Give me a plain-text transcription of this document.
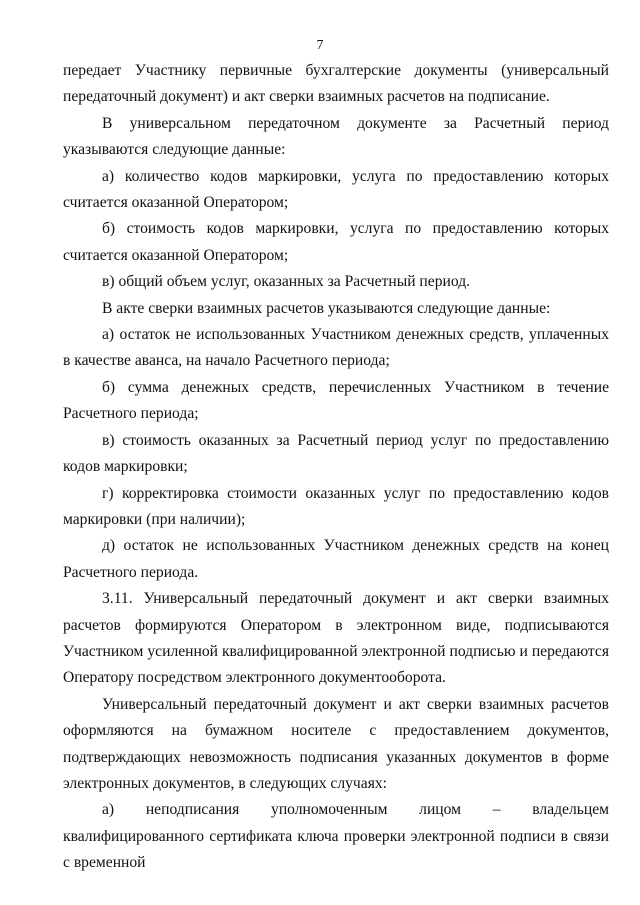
7

передает Участнику первичные бухгалтерские документы (универсальный передаточный документ) и акт сверки взаимных расчетов на подписание.

В универсальном передаточном документе за Расчетный период указываются следующие данные:

а) количество кодов маркировки, услуга по предоставлению которых считается оказанной Оператором;

б) стоимость кодов маркировки, услуга по предоставлению которых считается оказанной Оператором;

в) общий объем услуг, оказанных за Расчетный период.

В акте сверки взаимных расчетов указываются следующие данные:

а) остаток не использованных Участником денежных средств, уплаченных в качестве аванса, на начало Расчетного периода;

б) сумма денежных средств, перечисленных Участником в течение Расчетного периода;

в) стоимость оказанных за Расчетный период услуг по предоставлению кодов маркировки;

г) корректировка стоимости оказанных услуг по предоставлению кодов маркировки (при наличии);

д) остаток не использованных Участником денежных средств на конец Расчетного периода.

3.11. Универсальный передаточный документ и акт сверки взаимных расчетов формируются Оператором в электронном виде, подписываются Участником усиленной квалифицированной электронной подписью и передаются Оператору посредством электронного документооборота.

Универсальный передаточный документ и акт сверки взаимных расчетов оформляются на бумажном носителе с предоставлением документов, подтверждающих невозможность подписания указанных документов в форме электронных документов, в следующих случаях:

а) неподписания уполномоченным лицом – владельцем квалифицированного сертификата ключа проверки электронной подписи в связи с временной
